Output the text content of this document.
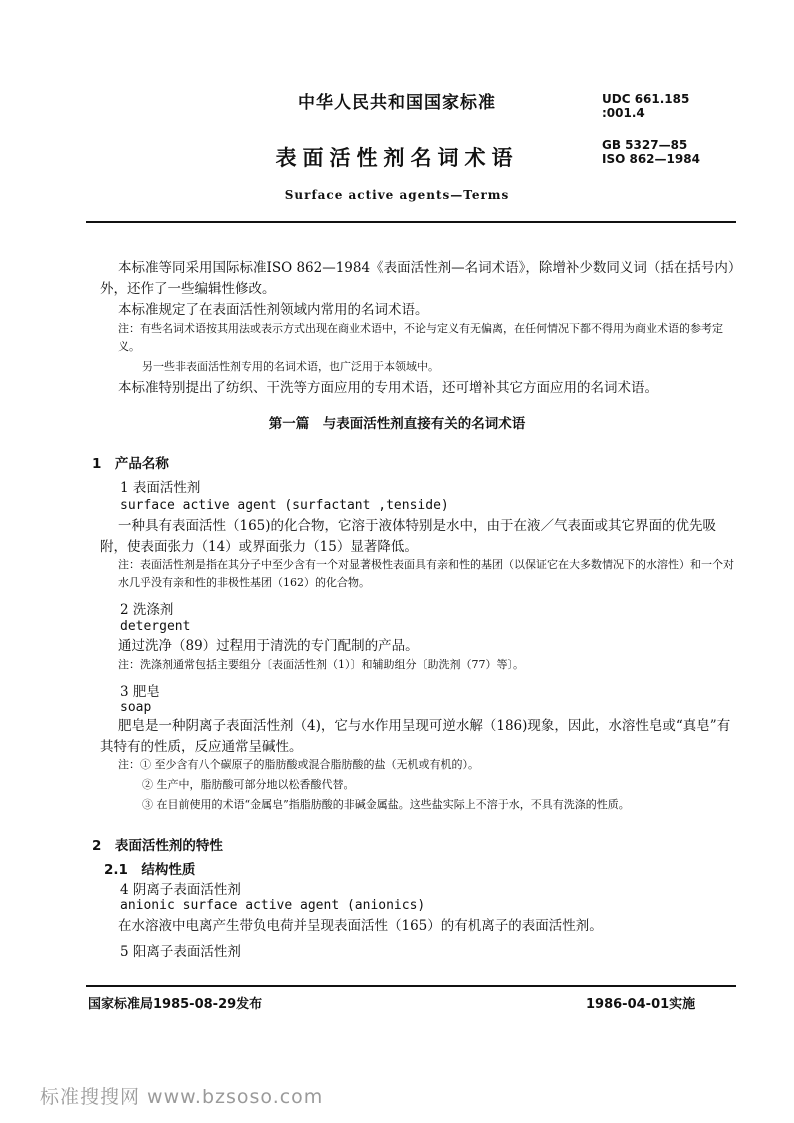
中华人民共和国国家标准	UDC 661.185
:001.4
表面活性剂名词术语
GB 5327—85
ISO 862—1984
Surface active agents—Terms
本标准等同采用国际标准ISO 862—1984《表面活性剂—名词术语》，除增补少数同义词（括在括号内）外，还作了一些编辑性修改。
本标准规定了在表面活性剂领域内常用的名词术语。
注：有些名词术语按其用法或表示方式出现在商业术语中，不论与定义有无偏离，在任何情况下都不得用为商业术语的参考定义。
另一些非表面活性剂专用的名词术语，也广泛用于本领域中。
本标准特别提出了纺织、干洗等方面应用的专用术语，还可增补其它方面应用的名词术语。
第一篇　与表面活性剂直接有关的名词术语
1　产品名称
1 表面活性剂
surface active agent (surfactant ,tenside)
一种具有表面活性（165)的化合物，它溶于液体特别是水中，由于在液／气表面或其它界面的优先吸附，使表面张力（14）或界面张力（15）显著降低。
注：表面活性剂是指在其分子中至少含有一个对显著极性表面具有亲和性的基团（以保证它在大多数情况下的水溶性）和一个对水几乎没有亲和性的非极性基团（162）的化合物。
2 洗涤剂
detergent
通过洗净（89）过程用于清洗的专门配制的产品。
注：洗涤剂通常包括主要组分〔表面活性剂（1）〕和辅助组分〔助洗剂（77）等〕。
3 肥皂
soap
肥皂是一种阴离子表面活性剂（4)，它与水作用呈现可逆水解（186)现象，因此，水溶性皂或“真皂”有其特有的性质，反应通常呈碱性。
注：① 至少含有八个碳原子的脂肪酸或混合脂肪酸的盐（无机或有机的）。
② 生产中，脂肪酸可部分地以松香酸代替。
③ 在目前使用的术语“金属皂”指脂肪酸的非碱金属盐。这些盐实际上不溶于水，不具有洗涤的性质。
2　表面活性剂的特性
2.1　结构性质
4 阴离子表面活性剂
anionic surface active agent (anionics)
在水溶液中电离产生带负电荷并呈现表面活性（165）的有机离子的表面活性剂。
5 阳离子表面活性剂
国家标准局1985-08-29发布	1986-04-01实施
标准搜搜网 www.bzsoso.com
